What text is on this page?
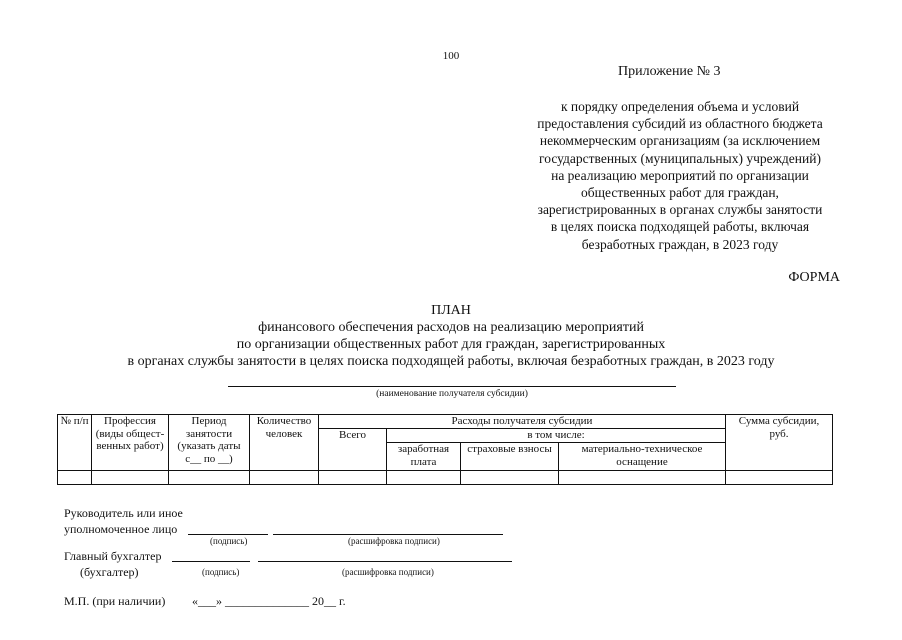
100
Приложение № 3
к порядку определения объема и условий
предоставления субсидий из областного бюджета
некоммерческим организациям (за исключением
государственных (муниципальных) учреждений)
на реализацию мероприятий по организации
общественных работ для граждан,
зарегистрированных в органах службы занятости
в целях поиска подходящей работы, включая
безработных граждан, в 2023 году
ФОРМА
ПЛАН
финансового обеспечения расходов на реализацию мероприятий
по организации общественных работ для граждан, зарегистрированных
в органах службы занятости в целях поиска подходящей работы, включая безработных граждан, в 2023 году
(наименование получателя субсидии)
№ п/п	Профессия (виды общественных работ)	Период занятости (указать даты с__ по __)	Количество человек	Расходы получателя субсидии				Сумма субсидии, руб.
				Всего	в том числе:			
					заработная плата	страховые взносы	материально-техническое оснащение	

Руководитель или иное
уполномоченное лицо
(подпись)	(расшифровка подписи)
Главный бухгалтер
(бухгалтер)	(подпись)	(расшифровка подписи)
М.П. (при наличии) «___» ______________ 20__ г.
